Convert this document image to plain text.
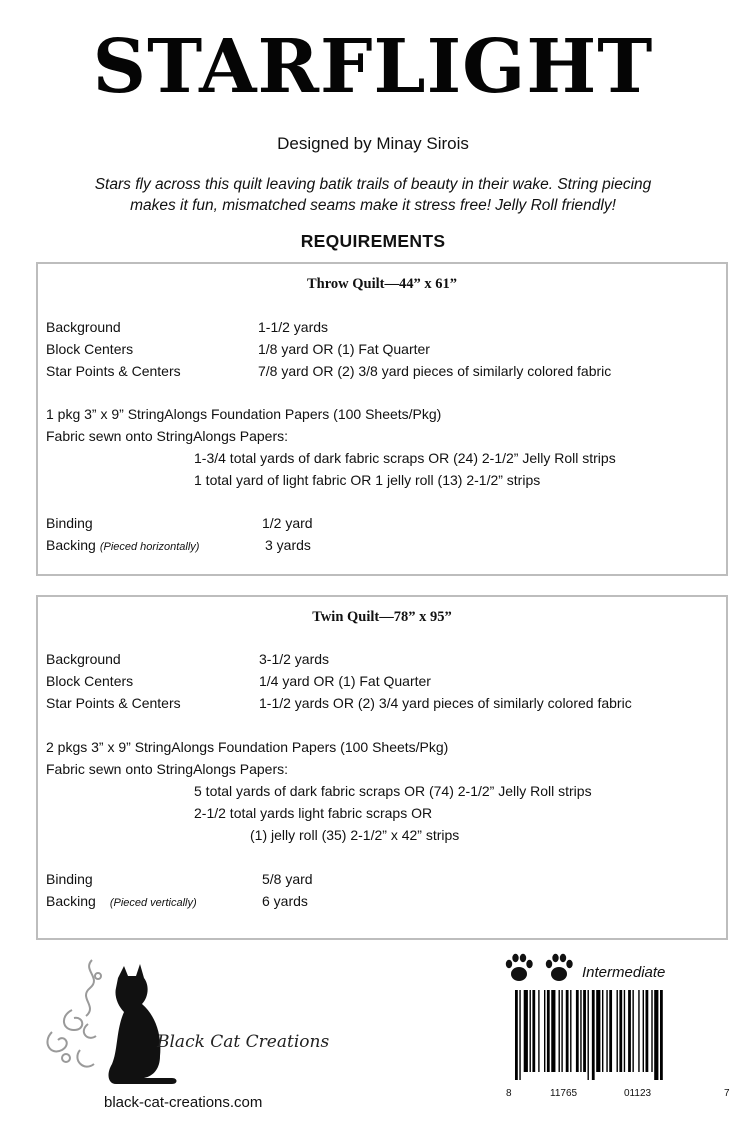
STARFLIGHT
Designed by Minay Sirois
Stars fly across this quilt leaving batik trails of beauty in their wake. String piecing
makes it fun, mismatched seams make it stress free! Jelly Roll friendly!
REQUIREMENTS
Throw Quilt—44” x 61”
Background	1-1/2 yards
Block Centers	1/8 yard OR (1) Fat Quarter
Star Points & Centers	7/8 yard OR (2) 3/8 yard pieces of similarly colored fabric
1 pkg 3” x 9” StringAlongs Foundation Papers (100 Sheets/Pkg)
Fabric sewn onto StringAlongs Papers:
1-3/4 total yards of dark fabric scraps OR (24) 2-1/2” Jelly Roll strips
1 total yard of light fabric OR 1 jelly roll (13) 2-1/2” strips
Binding	1/2 yard
Backing (Pieced horizontally)	3 yards
Twin Quilt—78” x 95”
Background	3-1/2 yards
Block Centers	1/4 yard OR (1) Fat Quarter
Star Points & Centers	1-1/2 yards OR (2) 3/4 yard pieces of similarly colored fabric
2 pkgs 3” x 9” StringAlongs Foundation Papers (100 Sheets/Pkg)
Fabric sewn onto StringAlongs Papers:
5 total yards of dark fabric scraps OR (74) 2-1/2” Jelly Roll strips
2-1/2 total yards light fabric scraps OR
(1) jelly roll (35) 2-1/2” x 42” strips
Binding	5/8 yard
Backing (Pieced vertically)	6 yards
Black Cat Creations
black-cat-creations.com
Intermediate
8	11765	01123	7
